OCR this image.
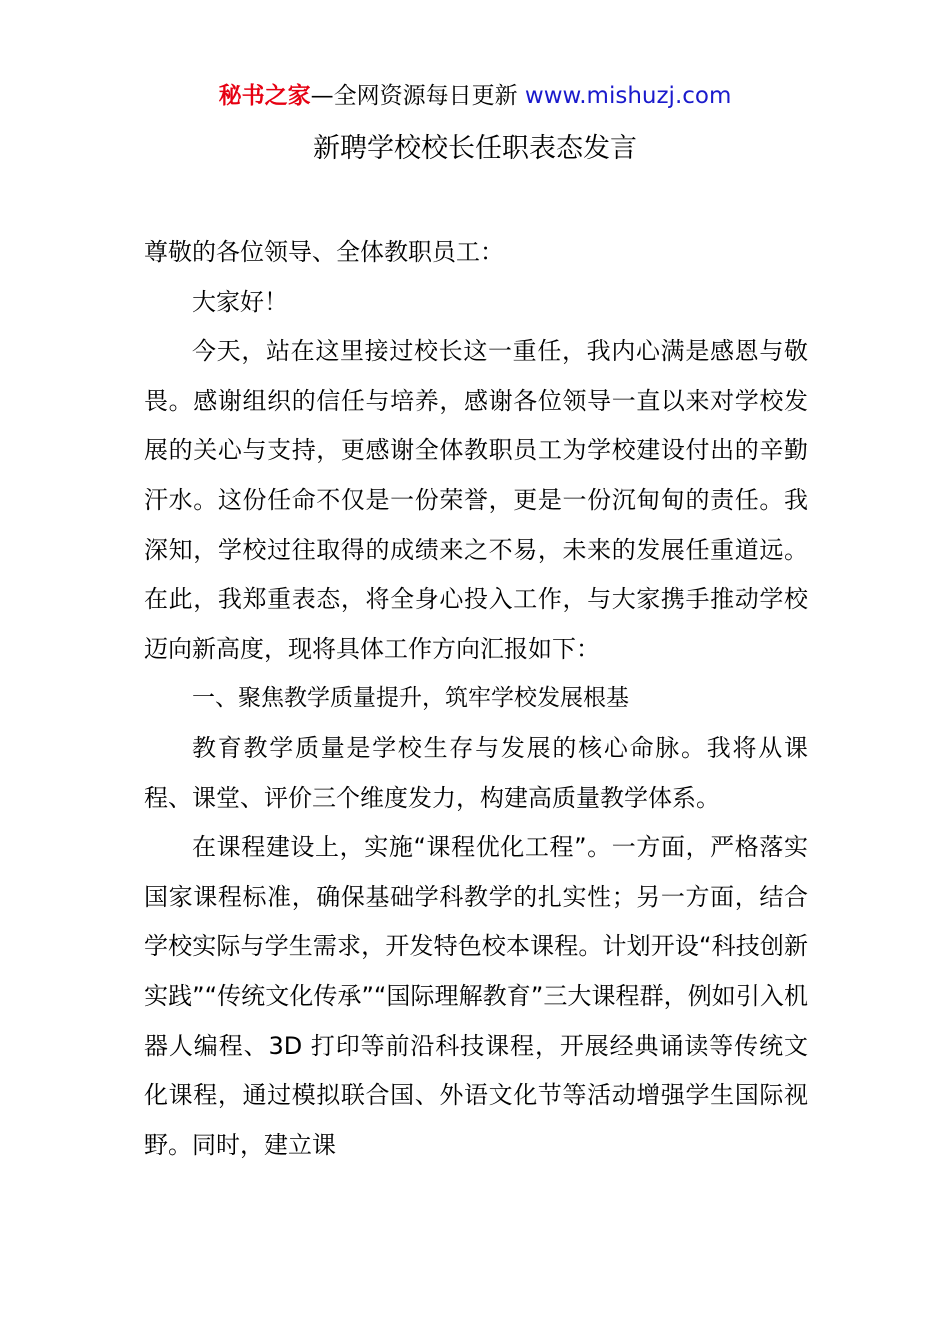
秘书之家—全网资源每日更新 www.mishuzj.com
新聘学校校长任职表态发言

尊敬的各位领导、全体教职员工：

大家好！

今天，站在这里接过校长这一重任，我内心满是感恩与敬畏。感谢组织的信任与培养，感谢各位领导一直以来对学校发展的关心与支持，更感谢全体教职员工为学校建设付出的辛勤汗水。这份任命不仅是一份荣誉，更是一份沉甸甸的责任。我深知，学校过往取得的成绩来之不易，未来的发展任重道远。在此，我郑重表态，将全身心投入工作，与大家携手推动学校迈向新高度，现将具体工作方向汇报如下：

一、聚焦教学质量提升，筑牢学校发展根基

教育教学质量是学校生存与发展的核心命脉。我将从课程、课堂、评价三个维度发力，构建高质量教学体系。

在课程建设上，实施“课程优化工程”。一方面，严格落实国家课程标准，确保基础学科教学的扎实性；另一方面，结合学校实际与学生需求，开发特色校本课程。计划开设“科技创新实践”“传统文化传承”“国际理解教育”三大课程群，例如引入机器人编程、3D 打印等前沿科技课程，开展经典诵读等传统文化课程，通过模拟联合国、外语文化节等活动增强学生国际视野。同时，建立课
